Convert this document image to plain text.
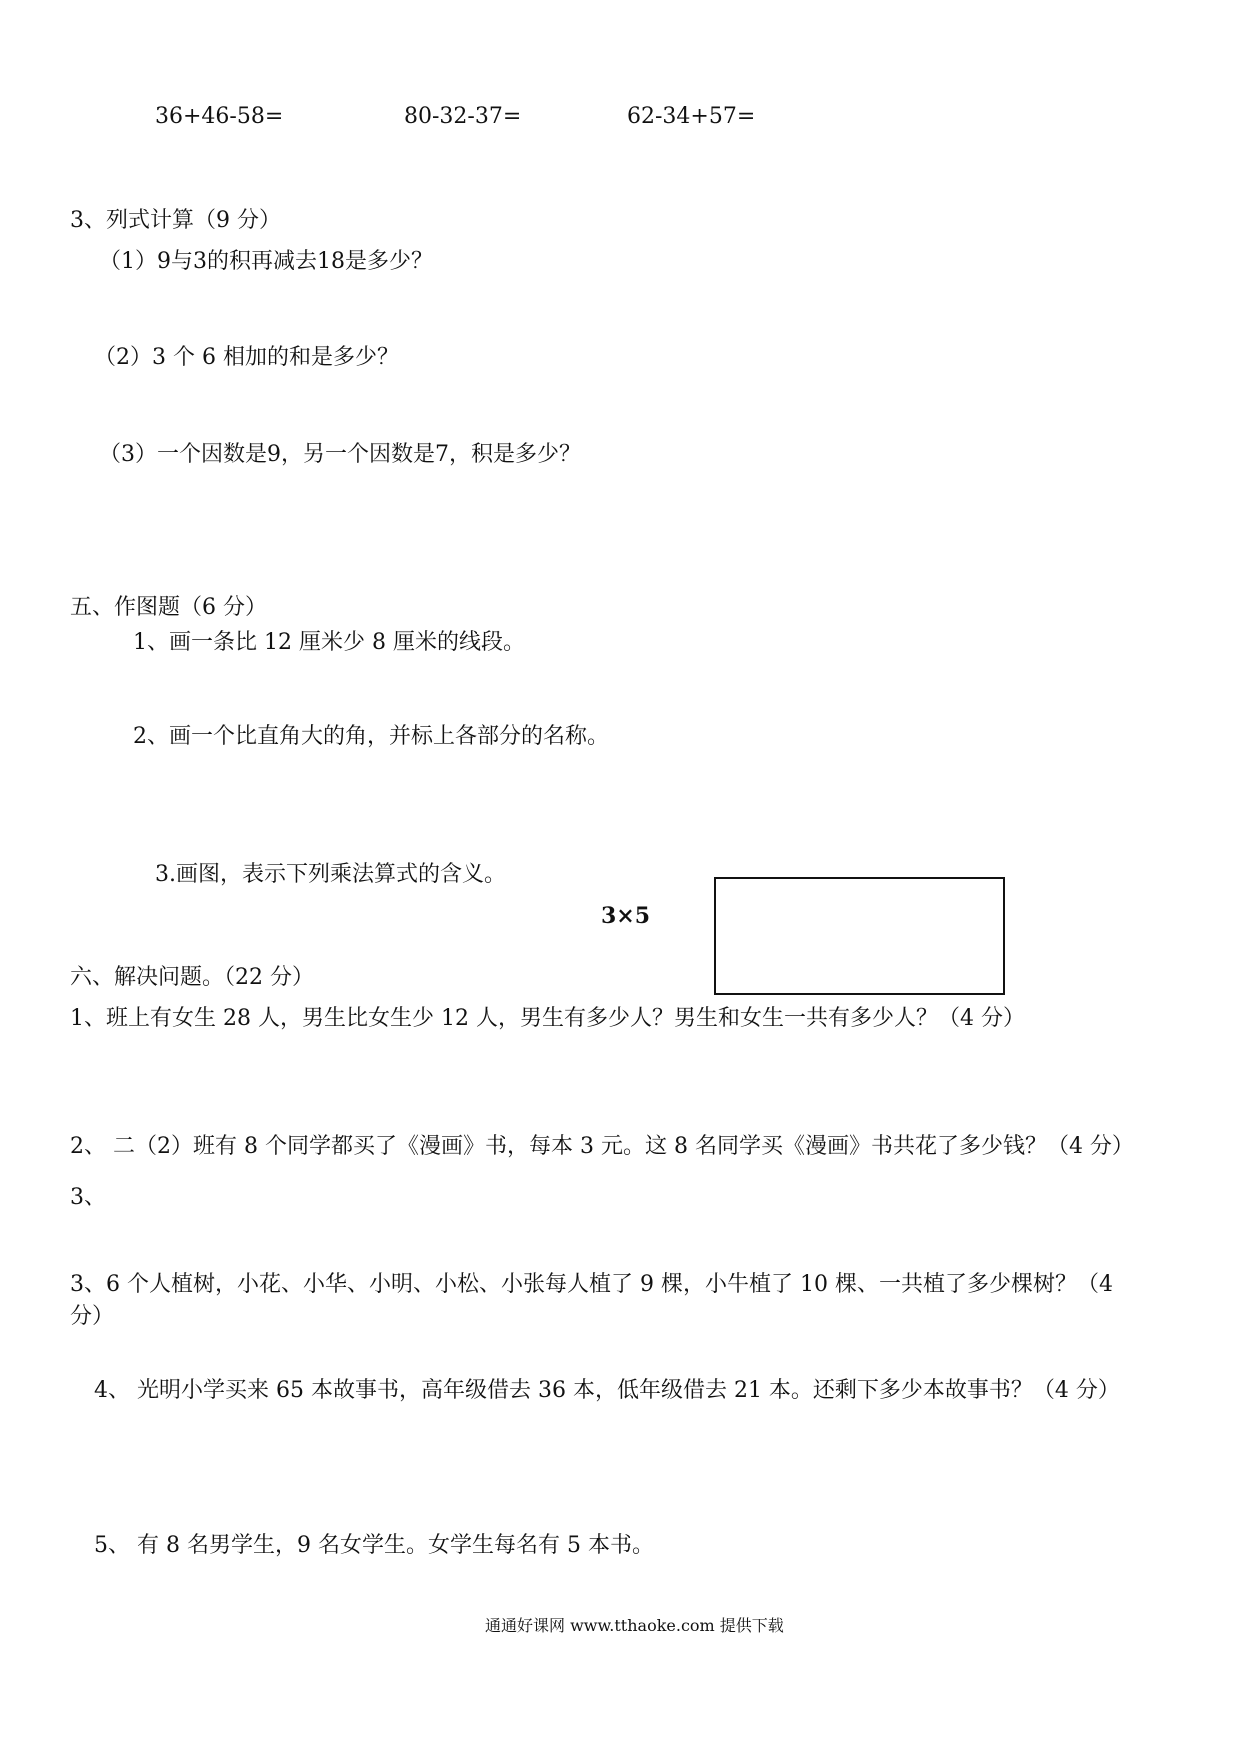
36+46-58=	80-32-37=	62-34+57=
3、列式计算（9 分）
（1）9与3的积再减去18是多少？
（2）3 个 6 相加的和是多少？
（3）一个因数是9，另一个因数是7，积是多少？
五、作图题（6 分）
1、画一条比 12 厘米少 8 厘米的线段。
2、画一个比直角大的角，并标上各部分的名称。
3.画图，表示下列乘法算式的含义。
3×5
六、解决问题。（22 分）
1、班上有女生 28 人，男生比女生少 12 人，男生有多少人？男生和女生一共有多少人？（4 分）
2、 二（2）班有 8 个同学都买了《漫画》书，每本 3 元。这 8 名同学买《漫画》书共花了多少钱？（4 分）
3、
3、6 个人植树，小花、小华、小明、小松、小张每人植了 9 棵，小牛植了 10 棵、一共植了多少棵树？（4
分）
4、 光明小学买来 65 本故事书，高年级借去 36 本，低年级借去 21 本。还剩下多少本故事书？（4 分）
5、 有 8 名男学生，9 名女学生。女学生每名有 5 本书。
通通好课网 www.tthaoke.com 提供下载
